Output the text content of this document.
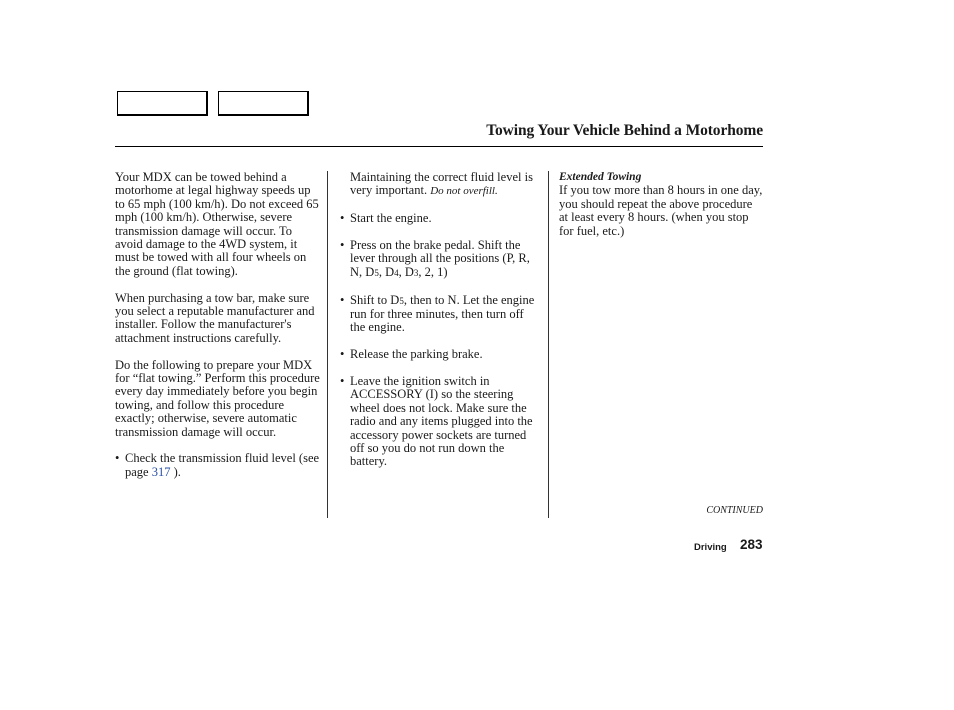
Towing Your Vehicle Behind a Motorhome

Your MDX can be towed behind a motorhome at legal highway speeds up to 65 mph (100 km/h). Do not exceed 65 mph (100 km/h). Otherwise, severe transmission damage will occur. To avoid damage to the 4WD system, it must be towed with all four wheels on the ground (flat towing).

When purchasing a tow bar, make sure you select a reputable manufacturer and installer. Follow the manufacturer's attachment instructions carefully.

Do the following to prepare your MDX for “flat towing.” Perform this procedure every day immediately before you begin towing, and follow this procedure exactly; otherwise, severe automatic transmission damage will occur.

• Check the transmission fluid level (see page 317 ).

Maintaining the correct fluid level is very important. Do not overfill.

• Start the engine.

• Press on the brake pedal. Shift the lever through all the positions (P, R, N, D5, D4, D3, 2, 1)

• Shift to D5, then to N. Let the engine run for three minutes, then turn off the engine.

• Release the parking brake.

• Leave the ignition switch in ACCESSORY (I) so the steering wheel does not lock. Make sure the radio and any items plugged into the accessory power sockets are turned off so you do not run down the battery.

Extended Towing

If you tow more than 8 hours in one day, you should repeat the above procedure at least every 8 hours. (when you stop for fuel, etc.)

CONTINUED
Driving 283
